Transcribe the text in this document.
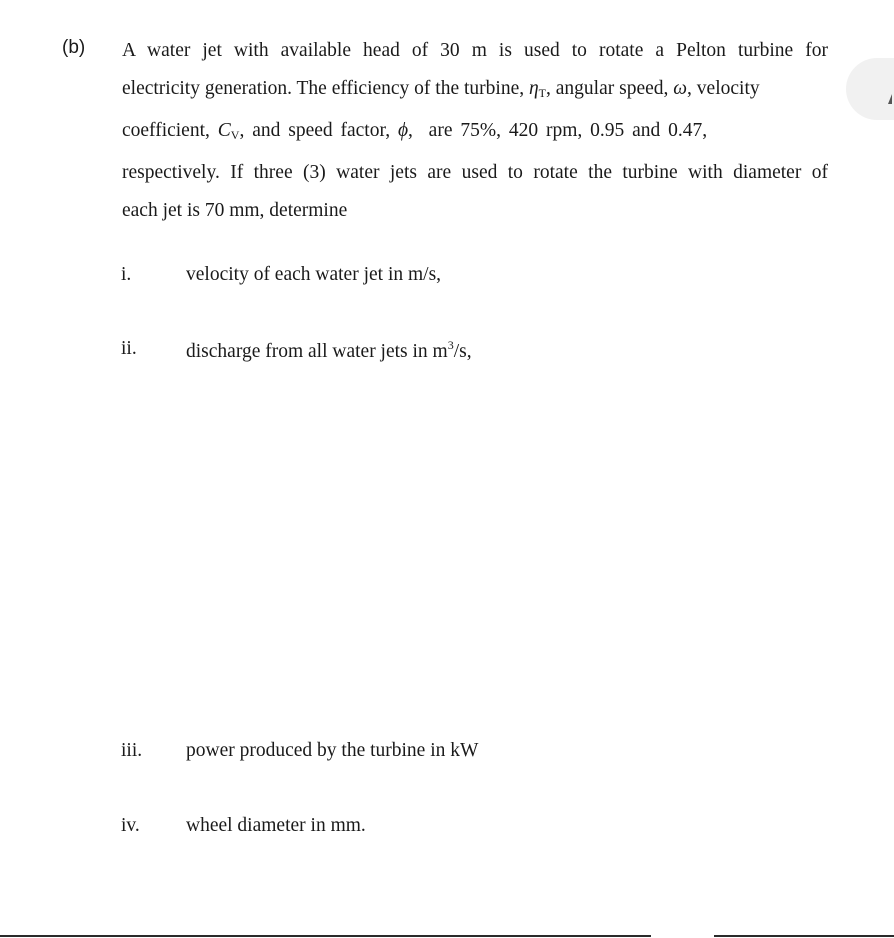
(b) A water jet with available head of 30 m is used to rotate a Pelton turbine for
electricity generation. The efficiency of the turbine, $\eta_T$, angular speed, ω, velocity
coefficient, $C_V$, and speed factor, ϕ,  are 75%, 420 rpm, 0.95 and 0.47,
respectively. If three (3) water jets are used to rotate the turbine with diameter of
each jet is 70 mm, determine
i.	velocity of each water jet in m/s,
ii.	discharge from all water jets in $m^3/s$,
iii. power produced by the turbine in kW
iv. wheel diameter in mm.
